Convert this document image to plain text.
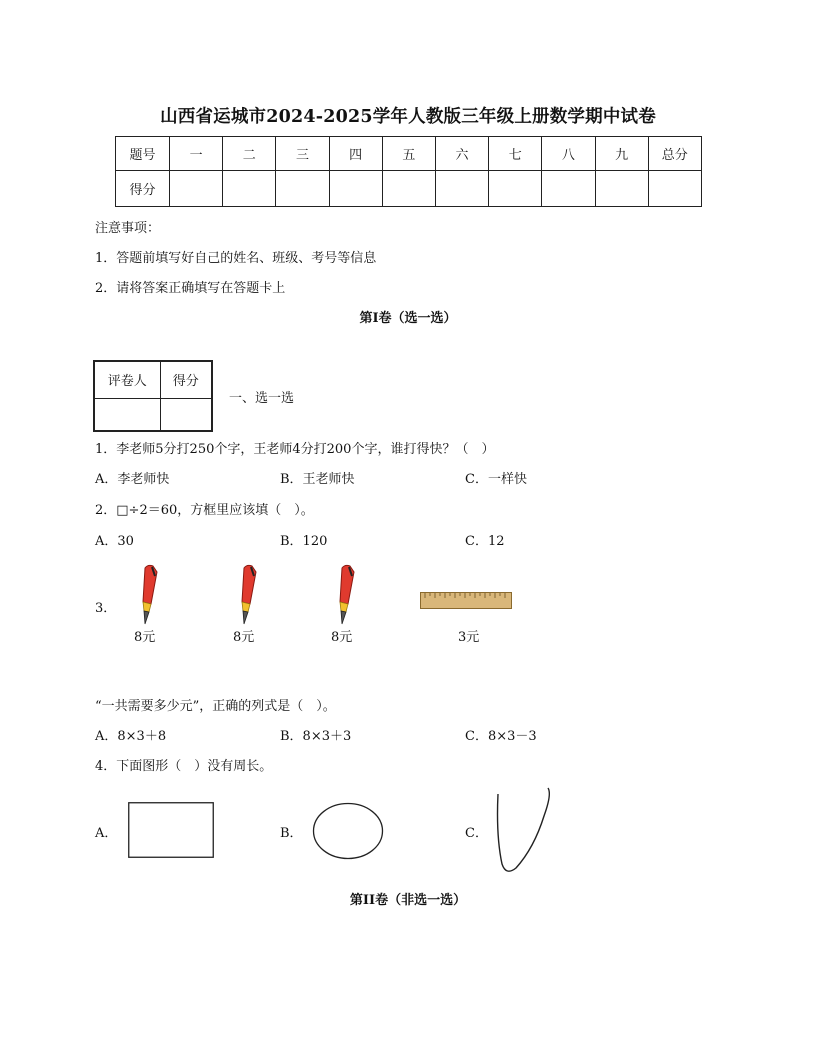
山西省运城市2024-2025学年人教版三年级上册数学期中试卷
题号	一	二	三	四	五	六	七	八	九	总分
得分										
注意事项：
1．答题前填写好自己的姓名、班级、考号等信息
2．请将答案正确填写在答题卡上
第I卷（选一选）
评卷人	得分

一、选一选
1．李老师5分打250个字，王老师4分打200个字，谁打得快？（　）
A．李老师快	B．王老师快	C．一样快
2．□÷2＝60，方框里应该填（　）。
A．30	B．120	C．12
3．
8元	8元	8元	3元
“一共需要多少元”，正确的列式是（　）。
A．8×3＋8	B．8×3＋3	C．8×3－3
4．下面图形（　）没有周长。
A．	B．	C．
第II卷（非选一选）
